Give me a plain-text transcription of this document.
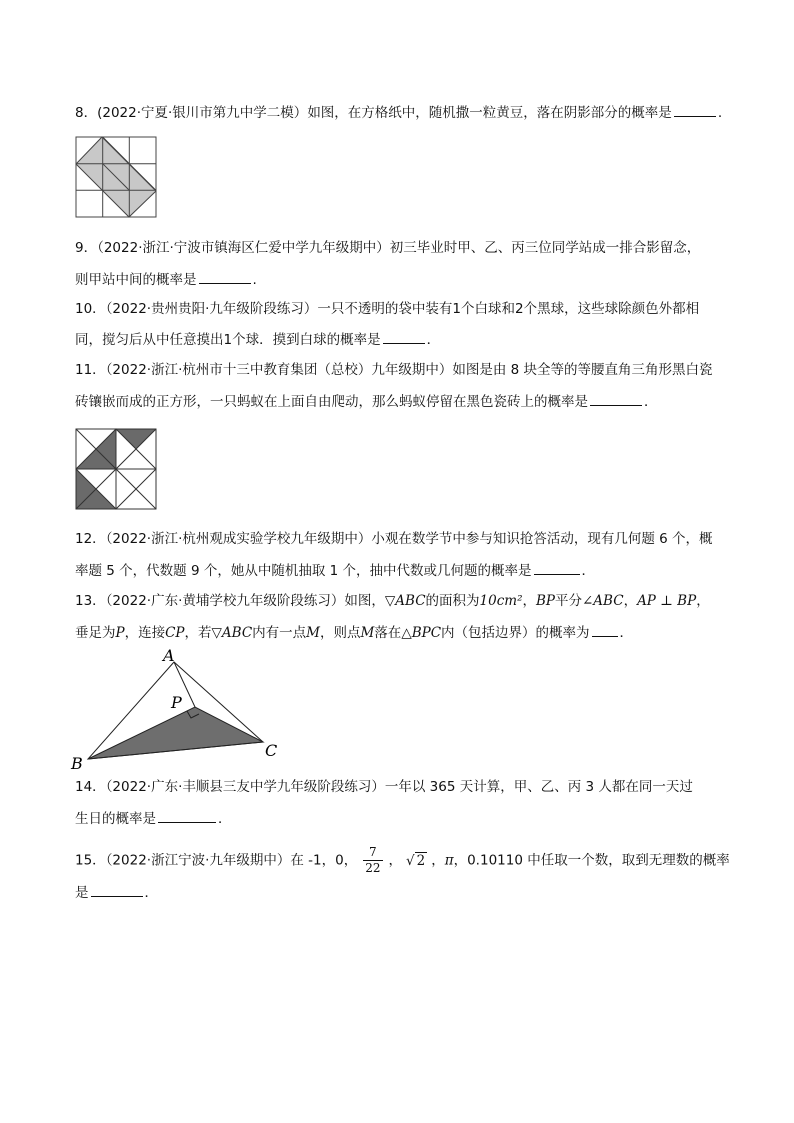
8．(2022·宁夏·银川市第九中学二模）如图，在方格纸中，随机撒一粒黄豆，落在阴影部分的概率是	.
9．（2022·浙江·宁波市镇海区仁爱中学九年级期中）初三毕业时甲、乙、丙三位同学站成一排合影留念，
则甲站中间的概率是	.
10．（2022·贵州贵阳·九年级阶段练习）一只不透明的袋中装有1个白球和2个黑球，这些球除颜色外都相
同，搅匀后从中任意摸出1个球．摸到白球的概率是	．
11．（2022·浙江·杭州市十三中教育集团（总校）九年级期中）如图是由 8 块全等的等腰直角三角形黑白瓷
砖镶嵌而成的正方形，一只蚂蚁在上面自由爬动，那么蚂蚁停留在黑色瓷砖上的概率是	．
12．（2022·浙江·杭州观成实验学校九年级期中）小观在数学节中参与知识抢答活动，现有几何题 6 个，概
率题 5 个，代数题 9 个，她从中随机抽取 1 个，抽中代数或几何题的概率是	．
13．（2022·广东·黄埔学校九年级阶段练习）如图，▽ABC的面积为10cm²，BP平分∠ABC，AP ⊥ BP，
垂足为P，连接CP，若▽ABC内有一点M，则点M落在△BPC内（包括边界）的概率为 ．
A
P
B
C
14．（2022·广东·丰顺县三友中学九年级阶段练习）一年以 365 天计算，甲、乙、丙 3 人都在同一天过
生日的概率是	．
15．（2022·浙江宁波·九年级期中）在 -1，0， $\frac{7}{22}$ ， √ 2 ，π，0.10110 中任取一个数，取到无理数的概率
是	．
